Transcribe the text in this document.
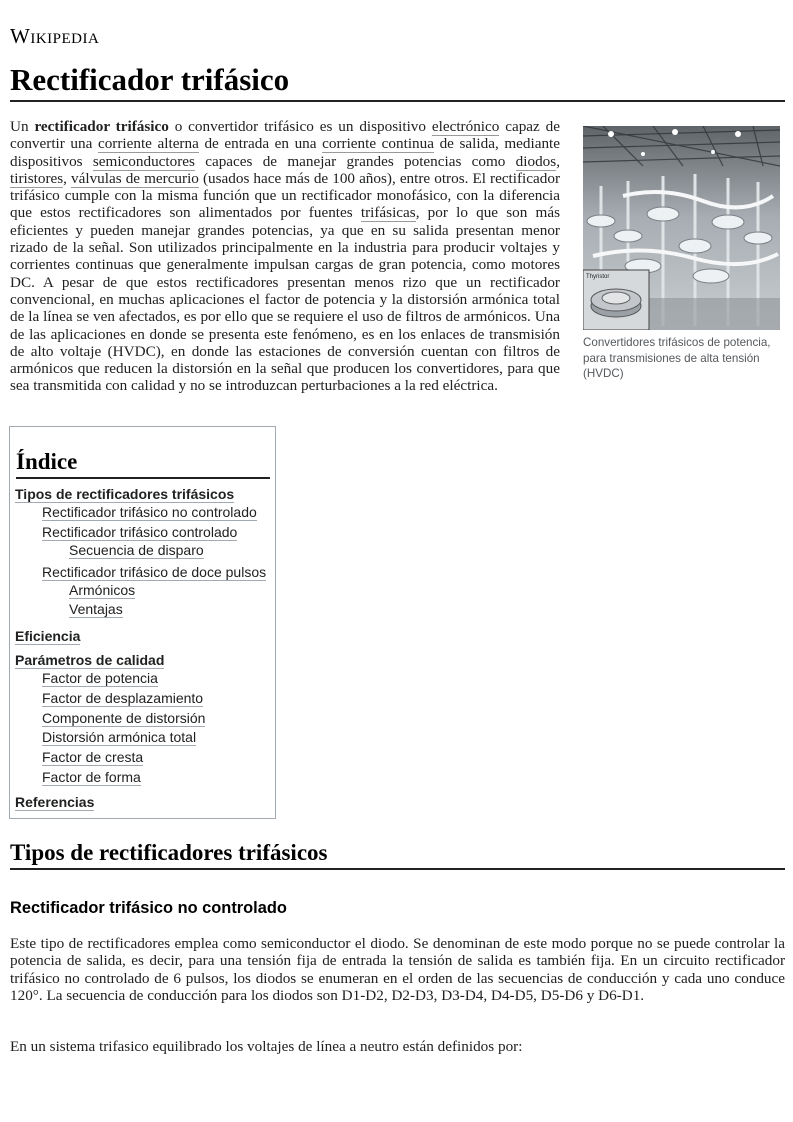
Wikipedia
Rectificador trifásico

Un rectificador trifásico o convertidor trifásico es un dispositivo electrónico capaz de convertir una corriente alterna de entrada en una corriente continua de salida, mediante dispositivos semiconductores capaces de manejar grandes potencias como diodos, tiristores, válvulas de mercurio (usados hace más de 100 años), entre otros. El rectificador trifásico cumple con la misma función que un rectificador monofásico, con la diferencia que estos rectificadores son alimentados por fuentes trifásicas, por lo que son más eficientes y pueden manejar grandes potencias, ya que en su salida presentan menor rizado de la señal. Son utilizados principalmente en la industria para producir voltajes y corrientes continuas que generalmente impulsan cargas de gran potencia, como motores DC. A pesar de que estos rectificadores presentan menos rizo que un rectificador convencional, en muchas aplicaciones el factor de potencia y la distorsión armónica total de la línea se ven afectados, es por ello que se requiere el uso de filtros de armónicos. Una de las aplicaciones en donde se presenta este fenómeno, es en los enlaces de transmisión de alto voltaje (HVDC), en donde las estaciones de conversión cuentan con filtros de armónicos que reducen la distorsión en la señal que producen los convertidores, para que sea transmitida con calidad y no se introduzcan perturbaciones a la red eléctrica.

Thyristor
Convertidores trifásicos de potencia, para transmisiones de alta tensión (HVDC)
Índice
Tipos de rectificadores trifásicos
Rectificador trifásico no controlado
Rectificador trifásico controlado
Secuencia de disparo
Rectificador trifásico de doce pulsos
Armónicos
Ventajas
Eficiencia
Parámetros de calidad
Factor de potencia
Factor de desplazamiento
Componente de distorsión
Distorsión armónica total
Factor de cresta
Factor de forma
Referencias
Tipos de rectificadores trifásicos
Rectificador trifásico no controlado

Este tipo de rectificadores emplea como semiconductor el diodo. Se denominan de este modo porque no se puede controlar la potencia de salida, es decir, para una tensión fija de entrada la tensión de salida es también fija. En un circuito rectificador trifásico no controlado de 6 pulsos, los diodos se enumeran en el orden de las secuencias de conducción y cada uno conduce 120°. La secuencia de conducción para los diodos son D1-D2, D2-D3, D3-D4, D4-D5, D5-D6 y D6-D1.

En un sistema trifasico equilibrado los voltajes de línea a neutro están definidos por:
